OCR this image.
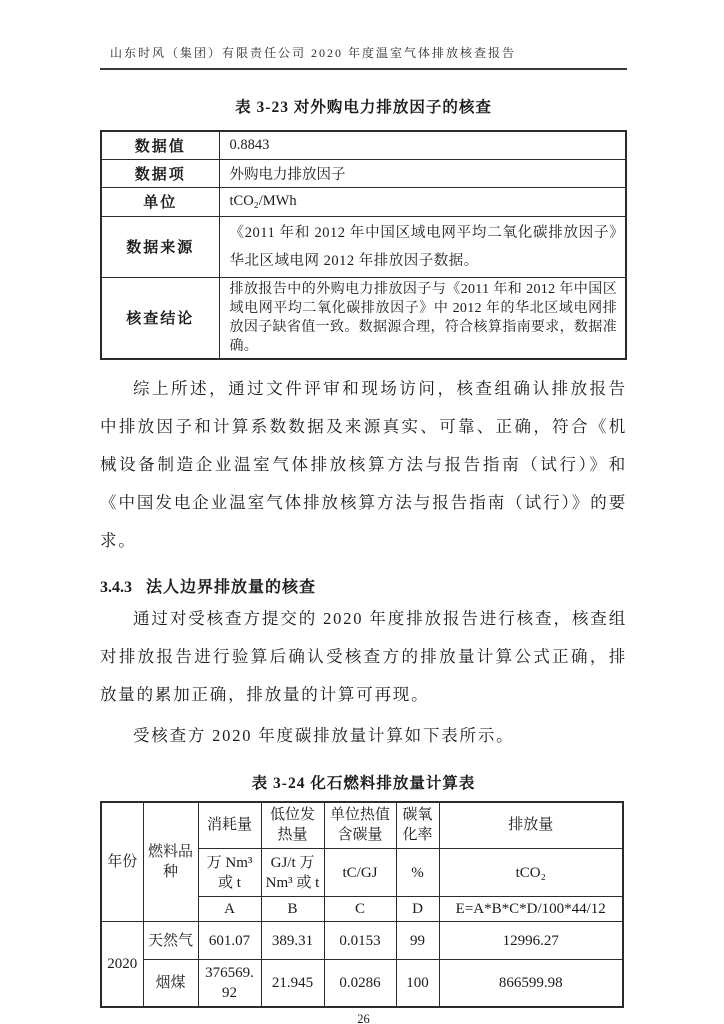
山东时风（集团）有限责任公司 2020 年度温室气体排放核查报告

表 3-23 对外购电力排放因子的核查

数据值	0.8843
数据项	外购电力排放因子
单位	tCO₂/MWh
数据来源	《2011 年和 2012 年中国区域电网平均二氧化碳排放因子》华北区域电网 2012 年排放因子数据。
核查结论	排放报告中的外购电力排放因子与《2011 年和 2012 年中国区域电网平均二氧化碳排放因子》中 2012 年的华北区域电网排放因子缺省值一致。数据源合理，符合核算指南要求，数据准确。

综上所述，通过文件评审和现场访问，核查组确认排放报告中排放因子和计算系数数据及来源真实、可靠、正确，符合《机械设备制造企业温室气体排放核算方法与报告指南（试行）》和《中国发电企业温室气体排放核算方法与报告指南（试行）》的要求。

3.4.3 法人边界排放量的核查

通过对受核查方提交的 2020 年度排放报告进行核查，核查组对排放报告进行验算后确认受核查方的排放量计算公式正确，排放量的累加正确，排放量的计算可再现。

受核查方 2020 年度碳排放量计算如下表所示。

表 3-24 化石燃料排放量计算表

年份	燃料品种	消耗量	低位发热量	单位热值含碳量	碳氧化率	排放量
		万 Nm³ 或 t	GJ/t 万 Nm³ 或 t	tC/GJ	%	tCO₂
		A	B	C	D	E=A*B*C*D/100*44/12
2020	天然气	601.07	389.31	0.0153	99	12996.27
	烟煤	376569.92	21.945	0.0286	100	866599.98
26
